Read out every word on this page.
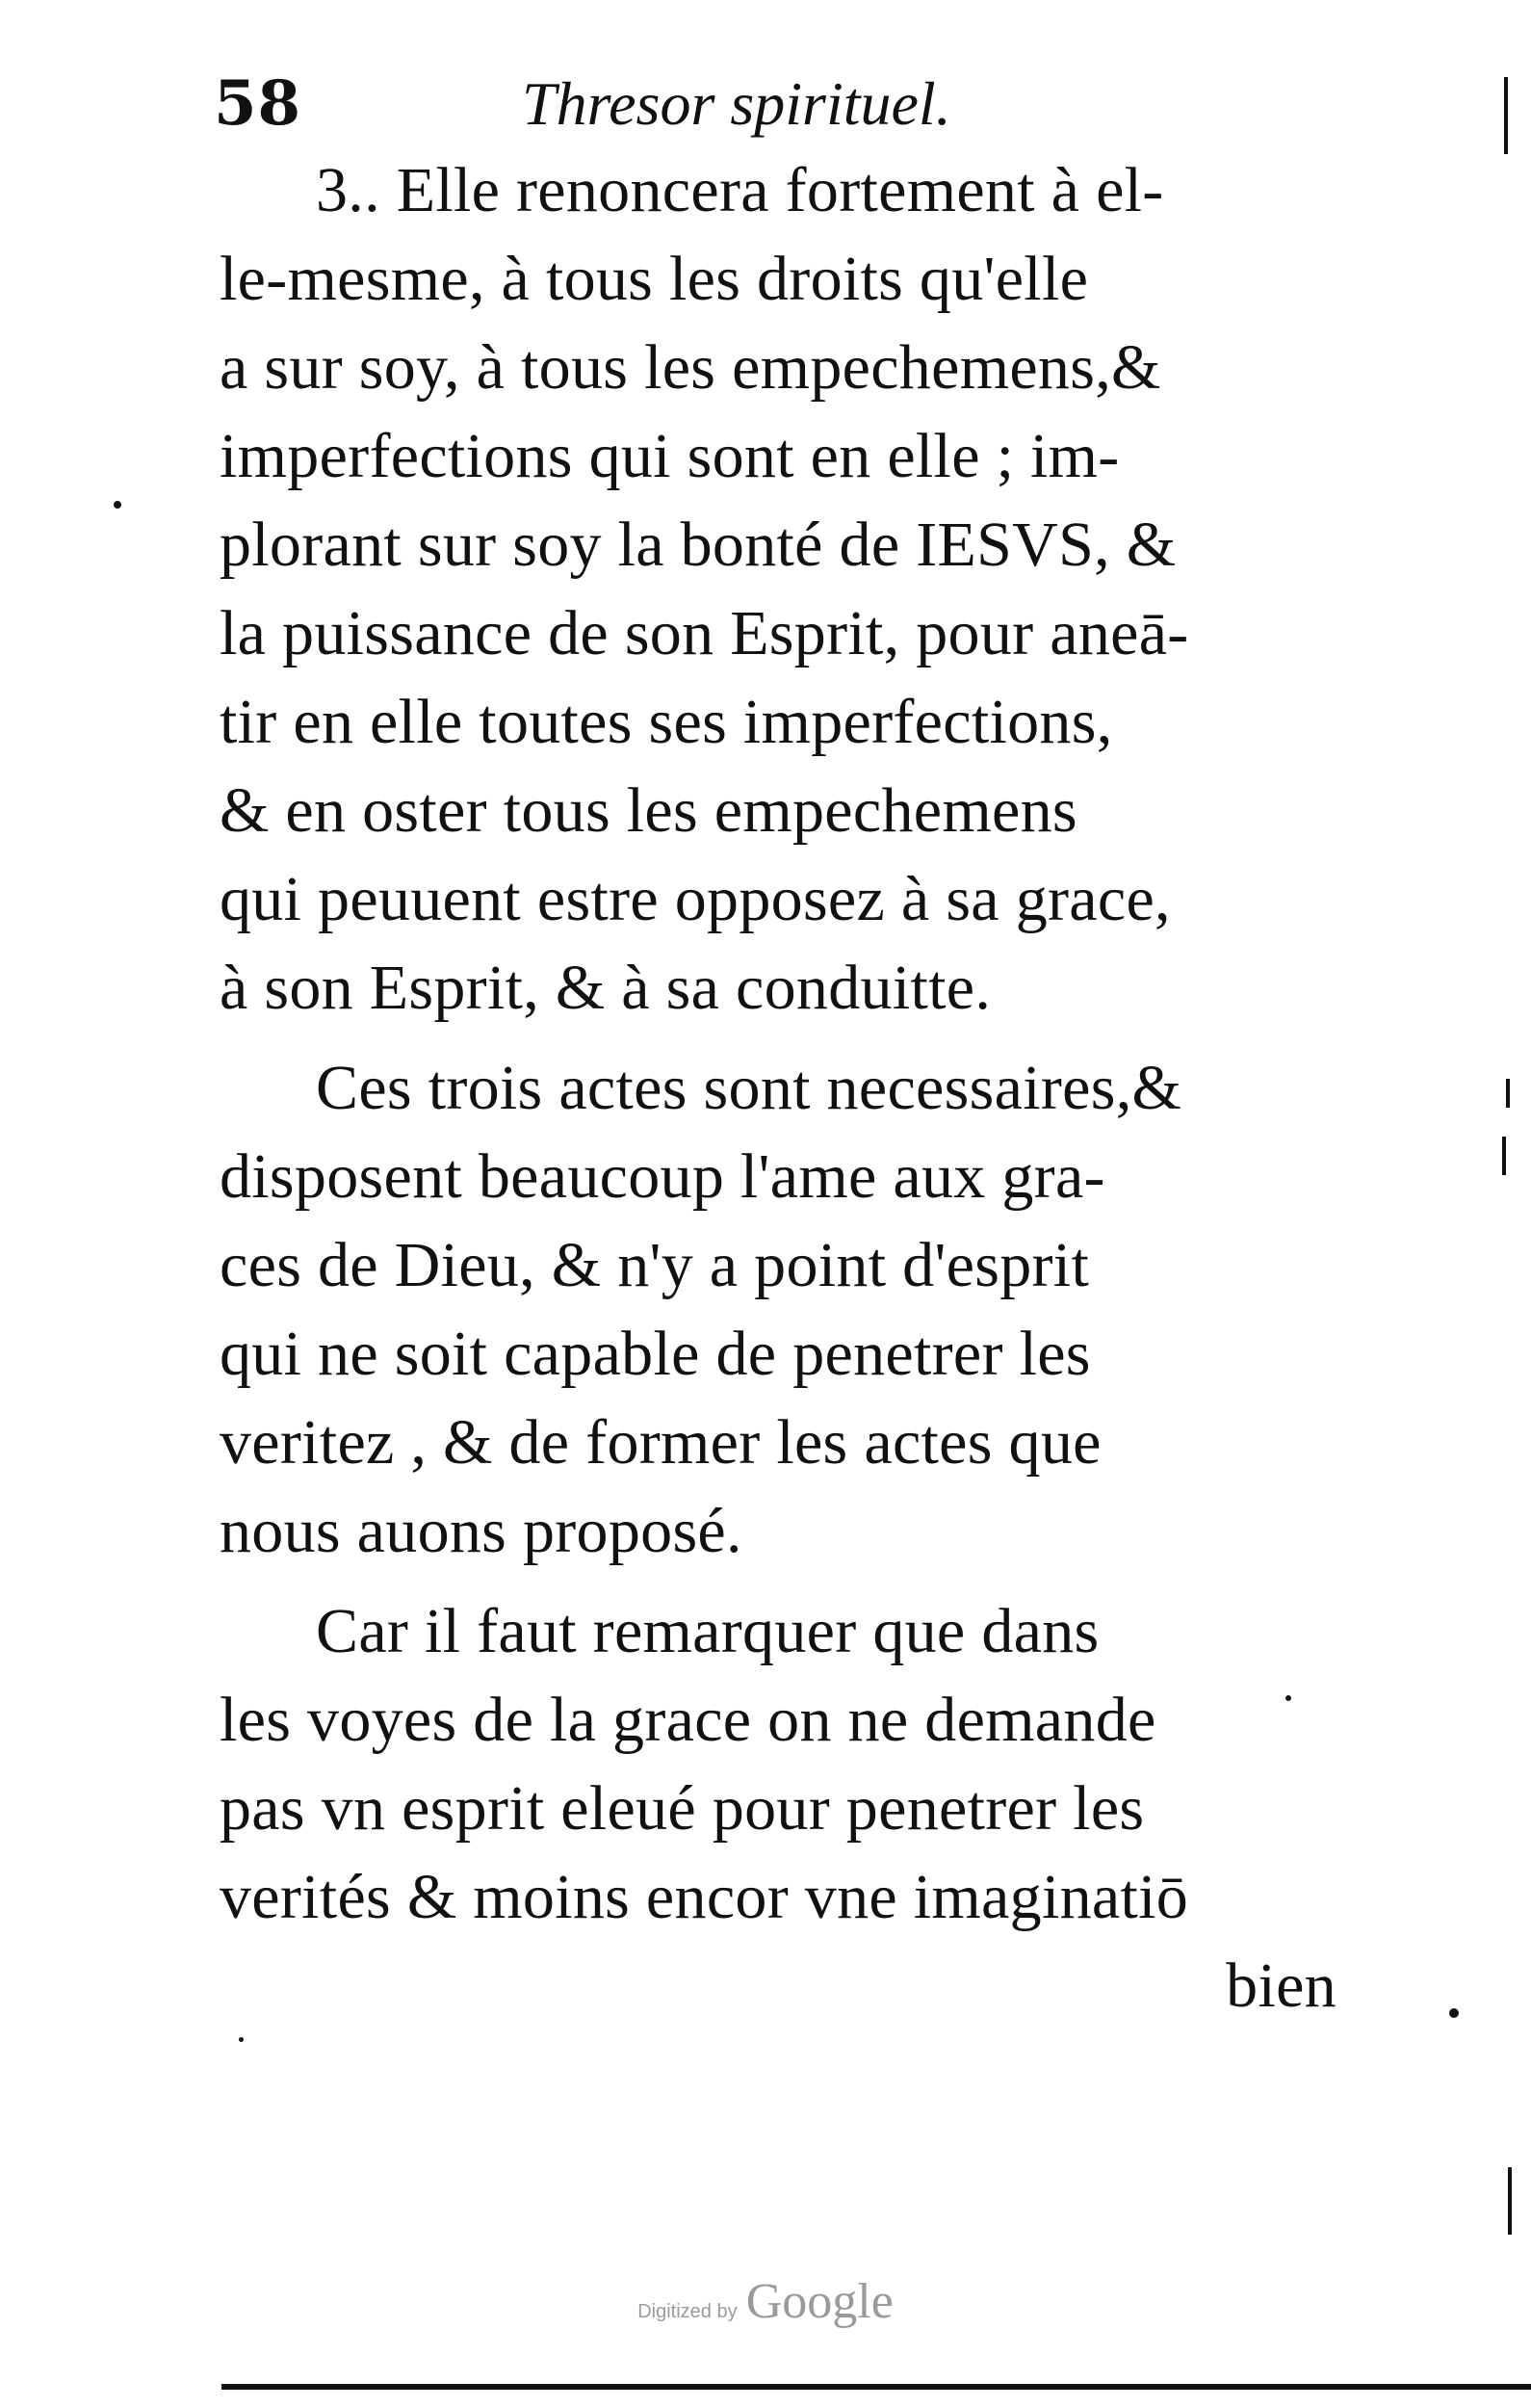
58	Thresor spirituel.
3.. Elle renoncera fortement à el-
le-mesme, à tous les droits qu'elle
a sur soy, à tous les empechemens,&
imperfections qui sont en elle ; im-
plorant sur soy la bonté de IESVS, &
la puissance de son Esprit, pour aneā-
tir en elle toutes ses imperfections,
& en oster tous les empechemens
qui peuuent estre opposez à sa grace,
à son Esprit, & à sa conduitte.
Ces trois actes sont necessaires,&
disposent beaucoup l'ame aux gra-
ces de Dieu, & n'y a point d'esprit
qui ne soit capable de penetrer les
veritez , & de former les actes que
nous auons proposé.
Car il faut remarquer que dans
les voyes de la grace on ne demande
pas vn esprit eleué pour penetrer les
verités & moins encor vne imaginatiō
bien
Digitized by Google
